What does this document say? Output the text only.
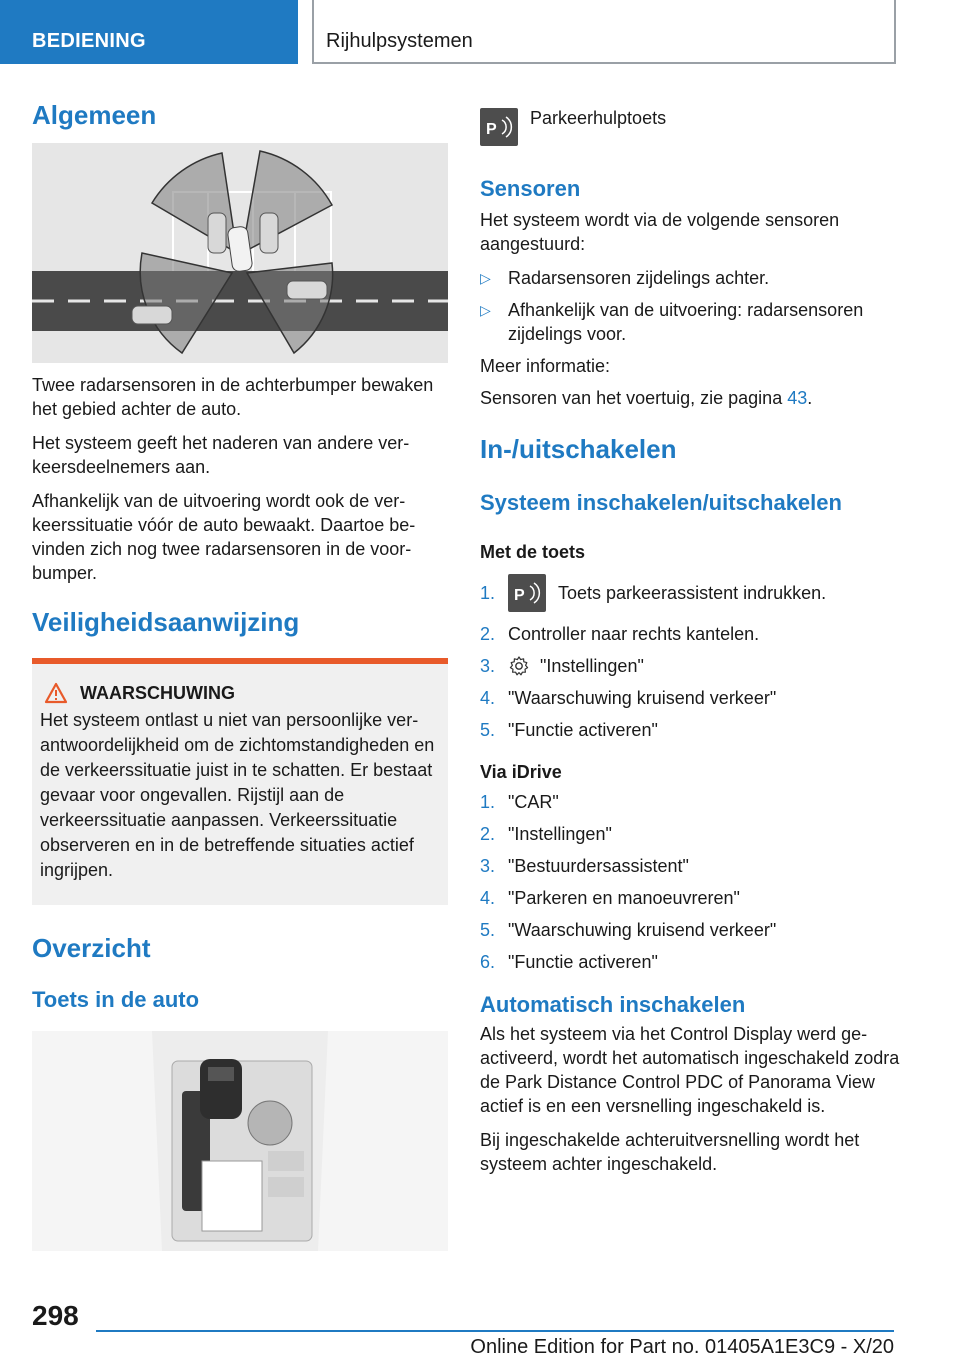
BEDIENING	Rijhulpsystemen
Algemeen

Twee radarsensoren in de achterbumper bewaken het gebied achter de auto.

Het systeem geeft het naderen van andere verkeersdeelnemers aan.

Afhankelijk van de uitvoering wordt ook de verkeerssituatie vóór de auto bewaakt. Daartoe bevinden zich nog twee radarsensoren in de voorbumper.

Veiligheidsaanwijzing
WAARSCHUWING

Het systeem ontlast u niet van persoonlijke verantwoordelijkheid om de zichtomstandigheden en de verkeerssituatie juist in te schatten. Er bestaat gevaar voor ongevallen. Rijstijl aan de verkeerssituatie aanpassen. Verkeerssituatie observeren en in de betreffende situaties actief ingrijpen.

Overzicht
Toets in de auto
P
Parkeerhulptoets
Sensoren

Het systeem wordt via de volgende sensoren aangestuurd:

▷ Radarsensoren zijdelings achter.
▷ Afhankelijk van de uitvoering: radarsensoren zijdelings voor.

Meer informatie:

Sensoren van het voertuig, zie pagina 43.

In-/uitschakelen
Systeem inschakelen/uitschakelen

Met de toets

1.	P Toets parkeerassistent indrukken.
2. Controller naar rechts kantelen.
3.	"Instellingen"
4. "Waarschuwing kruisend verkeer"
5. "Functie activeren"

Via iDrive

1. "CAR"
2. "Instellingen"
3. "Bestuurdersassistent"
4. "Parkeren en manoeuvreren"
5. "Waarschuwing kruisend verkeer"
6. "Functie activeren"
Automatisch inschakelen

Als het systeem via het Control Display werd geactiveerd, wordt het automatisch ingeschakeld zodra de Park Distance Control PDC of Panorama View actief is en een versnelling ingeschakeld is.

Bij ingeschakelde achteruitversnelling wordt het systeem achter ingeschakeld.

298
Online Edition for Part no. 01405A1E3C9 - X/20
